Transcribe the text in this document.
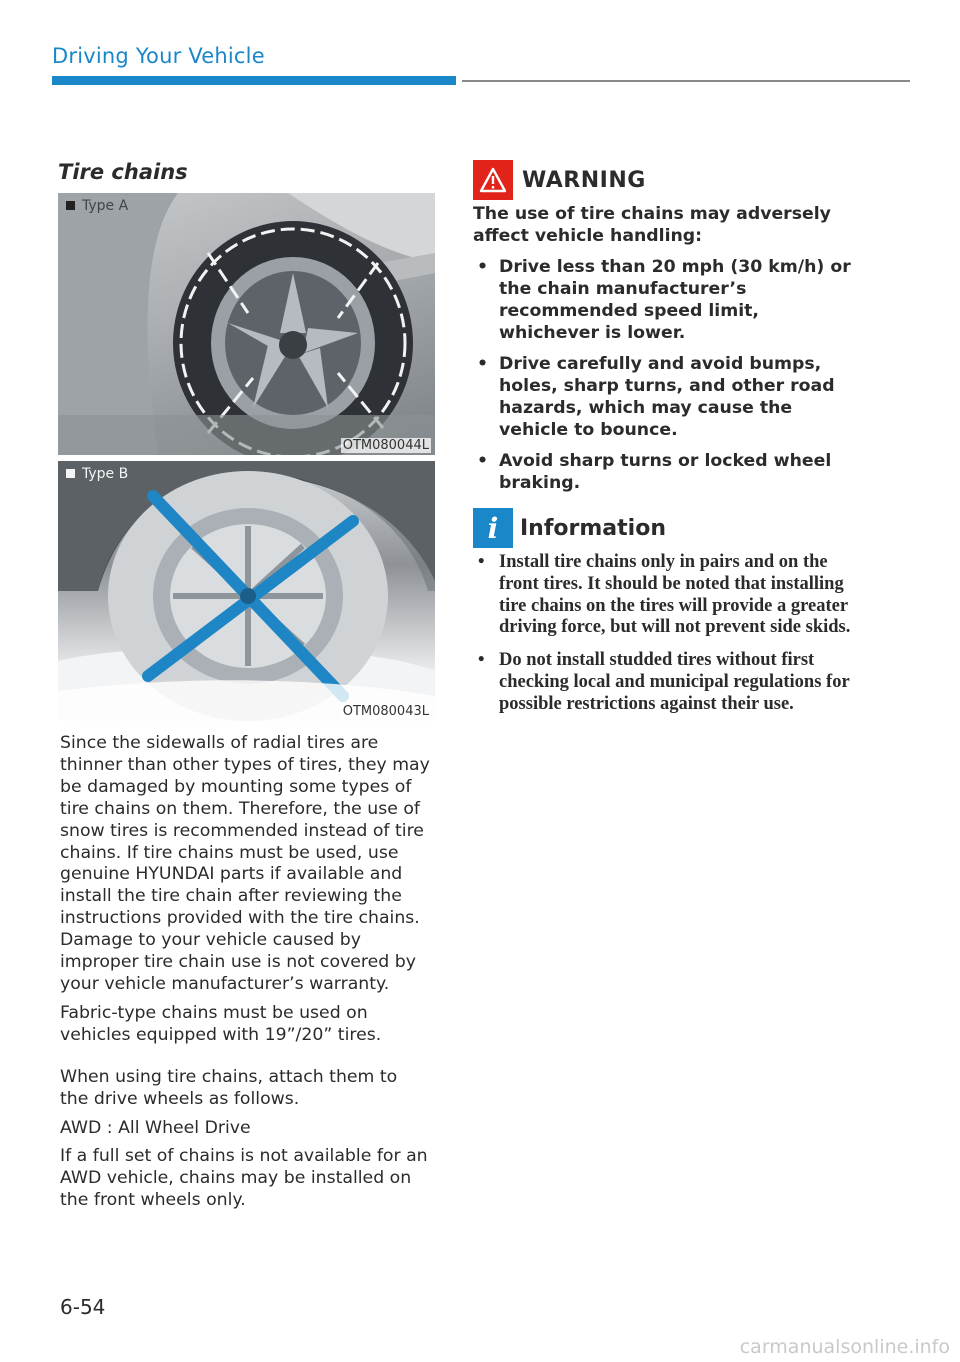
Driving Your Vehicle
Tire chains
Type A
OTM080044L
Type B
OTM080043L

Since the sidewalls of radial tires are thinner than other types of tires, they may be damaged by mounting some types of tire chains on them. Therefore, the use of snow tires is recommended instead of tire chains. If tire chains must be used, use genuine HYUNDAI parts if available and install the tire chain after reviewing the instructions provided with the tire chains. Damage to your vehicle caused by improper tire chain use is not covered by your vehicle manufacturer’s warranty.

Fabric-type chains must be used on vehicles equipped with 19”/20” tires.

When using tire chains, attach them to the drive wheels as follows.

AWD : All Wheel Drive

If a full set of chains is not available for an AWD vehicle, chains may be installed on the front wheels only.

WARNING

The use of tire chains may adversely affect vehicle handling:

• Drive less than 20 mph (30 km/h) or the chain manufacturer’s recommended speed limit, whichever is lower.
• Drive carefully and avoid bumps, holes, sharp turns, and other road hazards, which may cause the vehicle to bounce.
• Avoid sharp turns or locked wheel braking.
i Information
• Install tire chains only in pairs and on the front tires. It should be noted that installing tire chains on the tires will provide a greater driving force, but will not prevent side skids.
• Do not install studded tires without first checking local and municipal regulations for possible restrictions against their use.
6-54
carmanualsonline.info
